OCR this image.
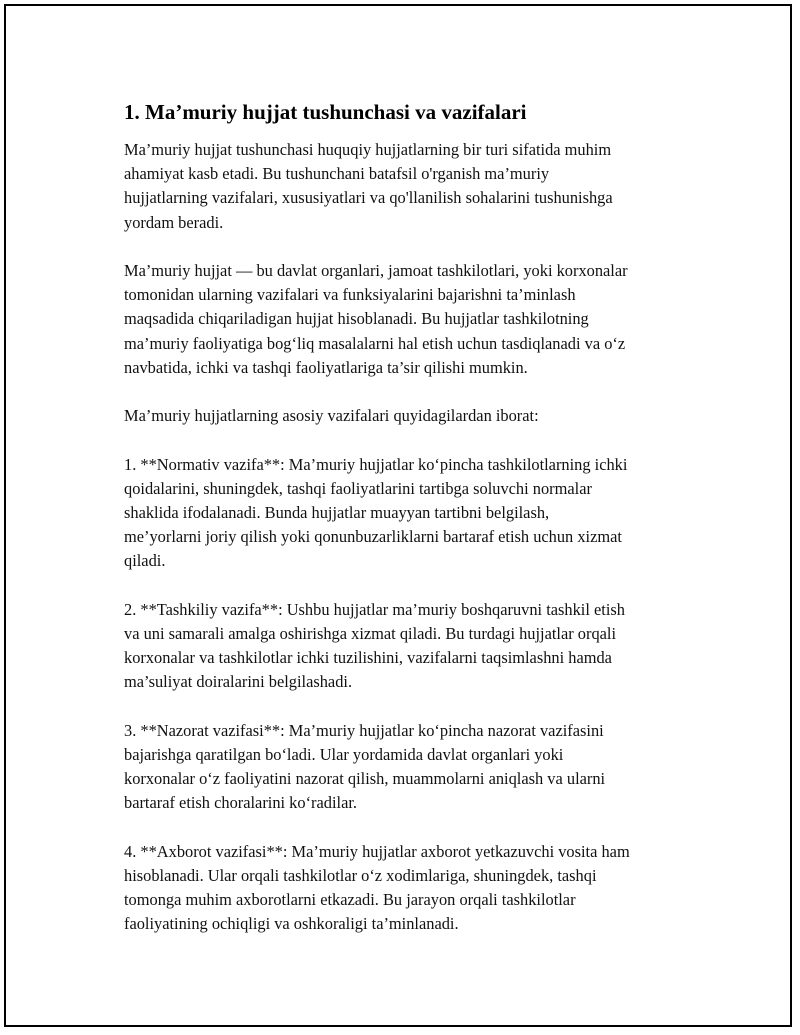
1. Ma’muriy hujjat tushunchasi va vazifalari

Ma’muriy hujjat tushunchasi huquqiy hujjatlarning bir turi sifatida muhim
ahamiyat kasb etadi. Bu tushunchani batafsil o'rganish ma’muriy
hujjatlarning vazifalari, xususiyatlari va qo'llanilish sohalarini tushunishga
yordam beradi.

Ma’muriy hujjat — bu davlat organlari, jamoat tashkilotlari, yoki korxonalar
tomonidan ularning vazifalari va funksiyalarini bajarishni ta’minlash
maqsadida chiqariladigan hujjat hisoblanadi. Bu hujjatlar tashkilotning
ma’muriy faoliyatiga bog‘liq masalalarni hal etish uchun tasdiqlanadi va o‘z
navbatida, ichki va tashqi faoliyatlariga ta’sir qilishi mumkin.

Ma’muriy hujjatlarning asosiy vazifalari quyidagilardan iborat:

1. **Normativ vazifa**: Ma’muriy hujjatlar ko‘pincha tashkilotlarning ichki
qoidalarini, shuningdek, tashqi faoliyatlarini tartibga soluvchi normalar
shaklida ifodalanadi. Bunda hujjatlar muayyan tartibni belgilash,
me’yorlarni joriy qilish yoki qonunbuzarliklarni bartaraf etish uchun xizmat
qiladi.

2. **Tashkiliy vazifa**: Ushbu hujjatlar ma’muriy boshqaruvni tashkil etish
va uni samarali amalga oshirishga xizmat qiladi. Bu turdagi hujjatlar orqali
korxonalar va tashkilotlar ichki tuzilishini, vazifalarni taqsimlashni hamda
ma’suliyat doiralarini belgilashadi.

3. **Nazorat vazifasi**: Ma’muriy hujjatlar ko‘pincha nazorat vazifasini
bajarishga qaratilgan bo‘ladi. Ular yordamida davlat organlari yoki
korxonalar o‘z faoliyatini nazorat qilish, muammolarni aniqlash va ularni
bartaraf etish choralarini ko‘radilar.

4. **Axborot vazifasi**: Ma’muriy hujjatlar axborot yetkazuvchi vosita ham
hisoblanadi. Ular orqali tashkilotlar o‘z xodimlariga, shuningdek, tashqi
tomonga muhim axborotlarni etkazadi. Bu jarayon orqali tashkilotlar
faoliyatining ochiqligi va oshkoraligi ta’minlanadi.
